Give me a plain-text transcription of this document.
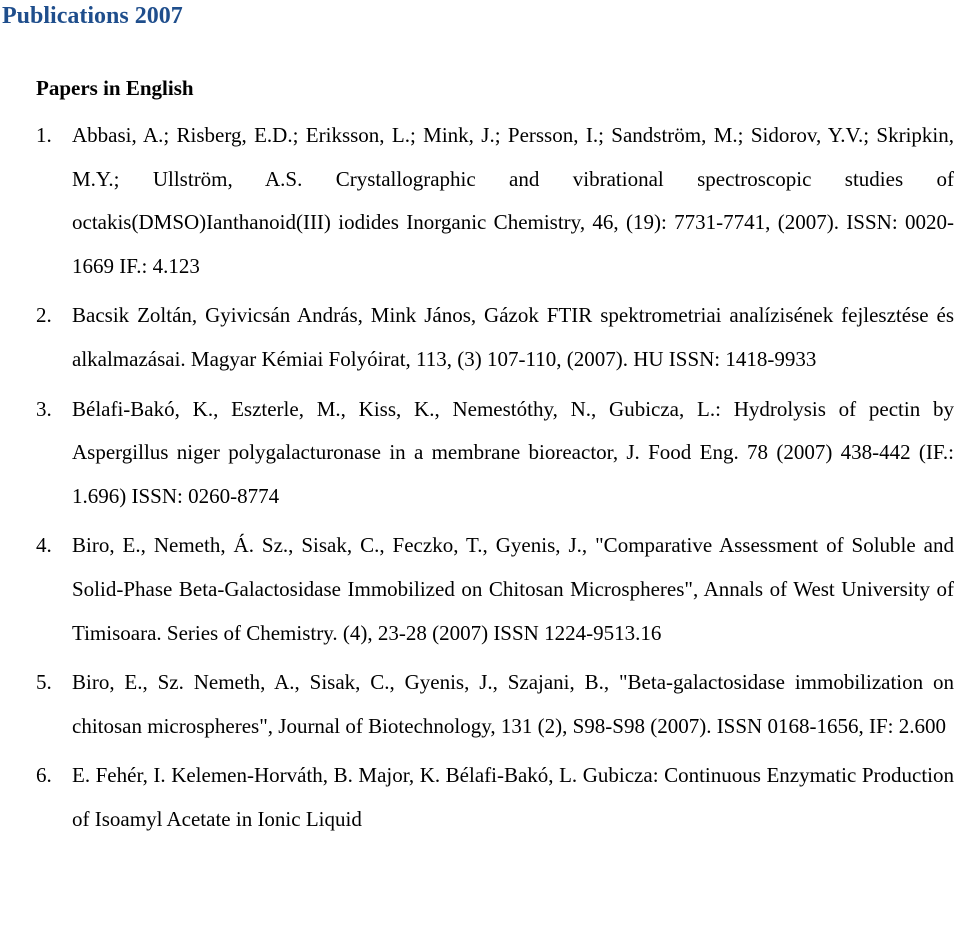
Publications 2007
Papers in English
1. Abbasi, A.; Risberg, E.D.; Eriksson, L.; Mink, J.; Persson, I.; Sandström, M.; Sidorov, Y.V.; Skripkin, M.Y.; Ullström, A.S. Crystallographic and vibrational spectroscopic studies of octakis(DMSO)Ianthanoid(III) iodides Inorganic Chemistry, 46, (19): 7731-7741, (2007). ISSN: 0020-1669 IF.: 4.123
2. Bacsik Zoltán, Gyivicsán András, Mink János, Gázok FTIR spektrometriai analízisének fejlesztése és alkalmazásai. Magyar Kémiai Folyóirat, 113, (3) 107-110, (2007). HU ISSN: 1418-9933
3. Bélafi-Bakó, K., Eszterle, M., Kiss, K., Nemestóthy, N., Gubicza, L.: Hydrolysis of pectin by Aspergillus niger polygalacturonase in a membrane bioreactor, J. Food Eng. 78 (2007) 438-442 (IF.: 1.696) ISSN: 0260-8774
4. Biro, E., Nemeth, Á. Sz., Sisak, C., Feczko, T., Gyenis, J., "Comparative Assessment of Soluble and Solid-Phase Beta-Galactosidase Immobilized on Chitosan Microspheres", Annals of West University of Timisoara. Series of Chemistry. (4), 23-28 (2007) ISSN 1224-9513.16
5. Biro, E., Sz. Nemeth, A., Sisak, C., Gyenis, J., Szajani, B., "Beta-galactosidase immobilization on chitosan microspheres", Journal of Biotechnology, 131 (2), S98-S98 (2007). ISSN 0168-1656, IF: 2.600
6. E. Fehér, I. Kelemen-Horváth, B. Major, K. Bélafi-Bakó, L. Gubicza: Continuous Enzymatic Production of Isoamyl Acetate in Ionic Liquid
